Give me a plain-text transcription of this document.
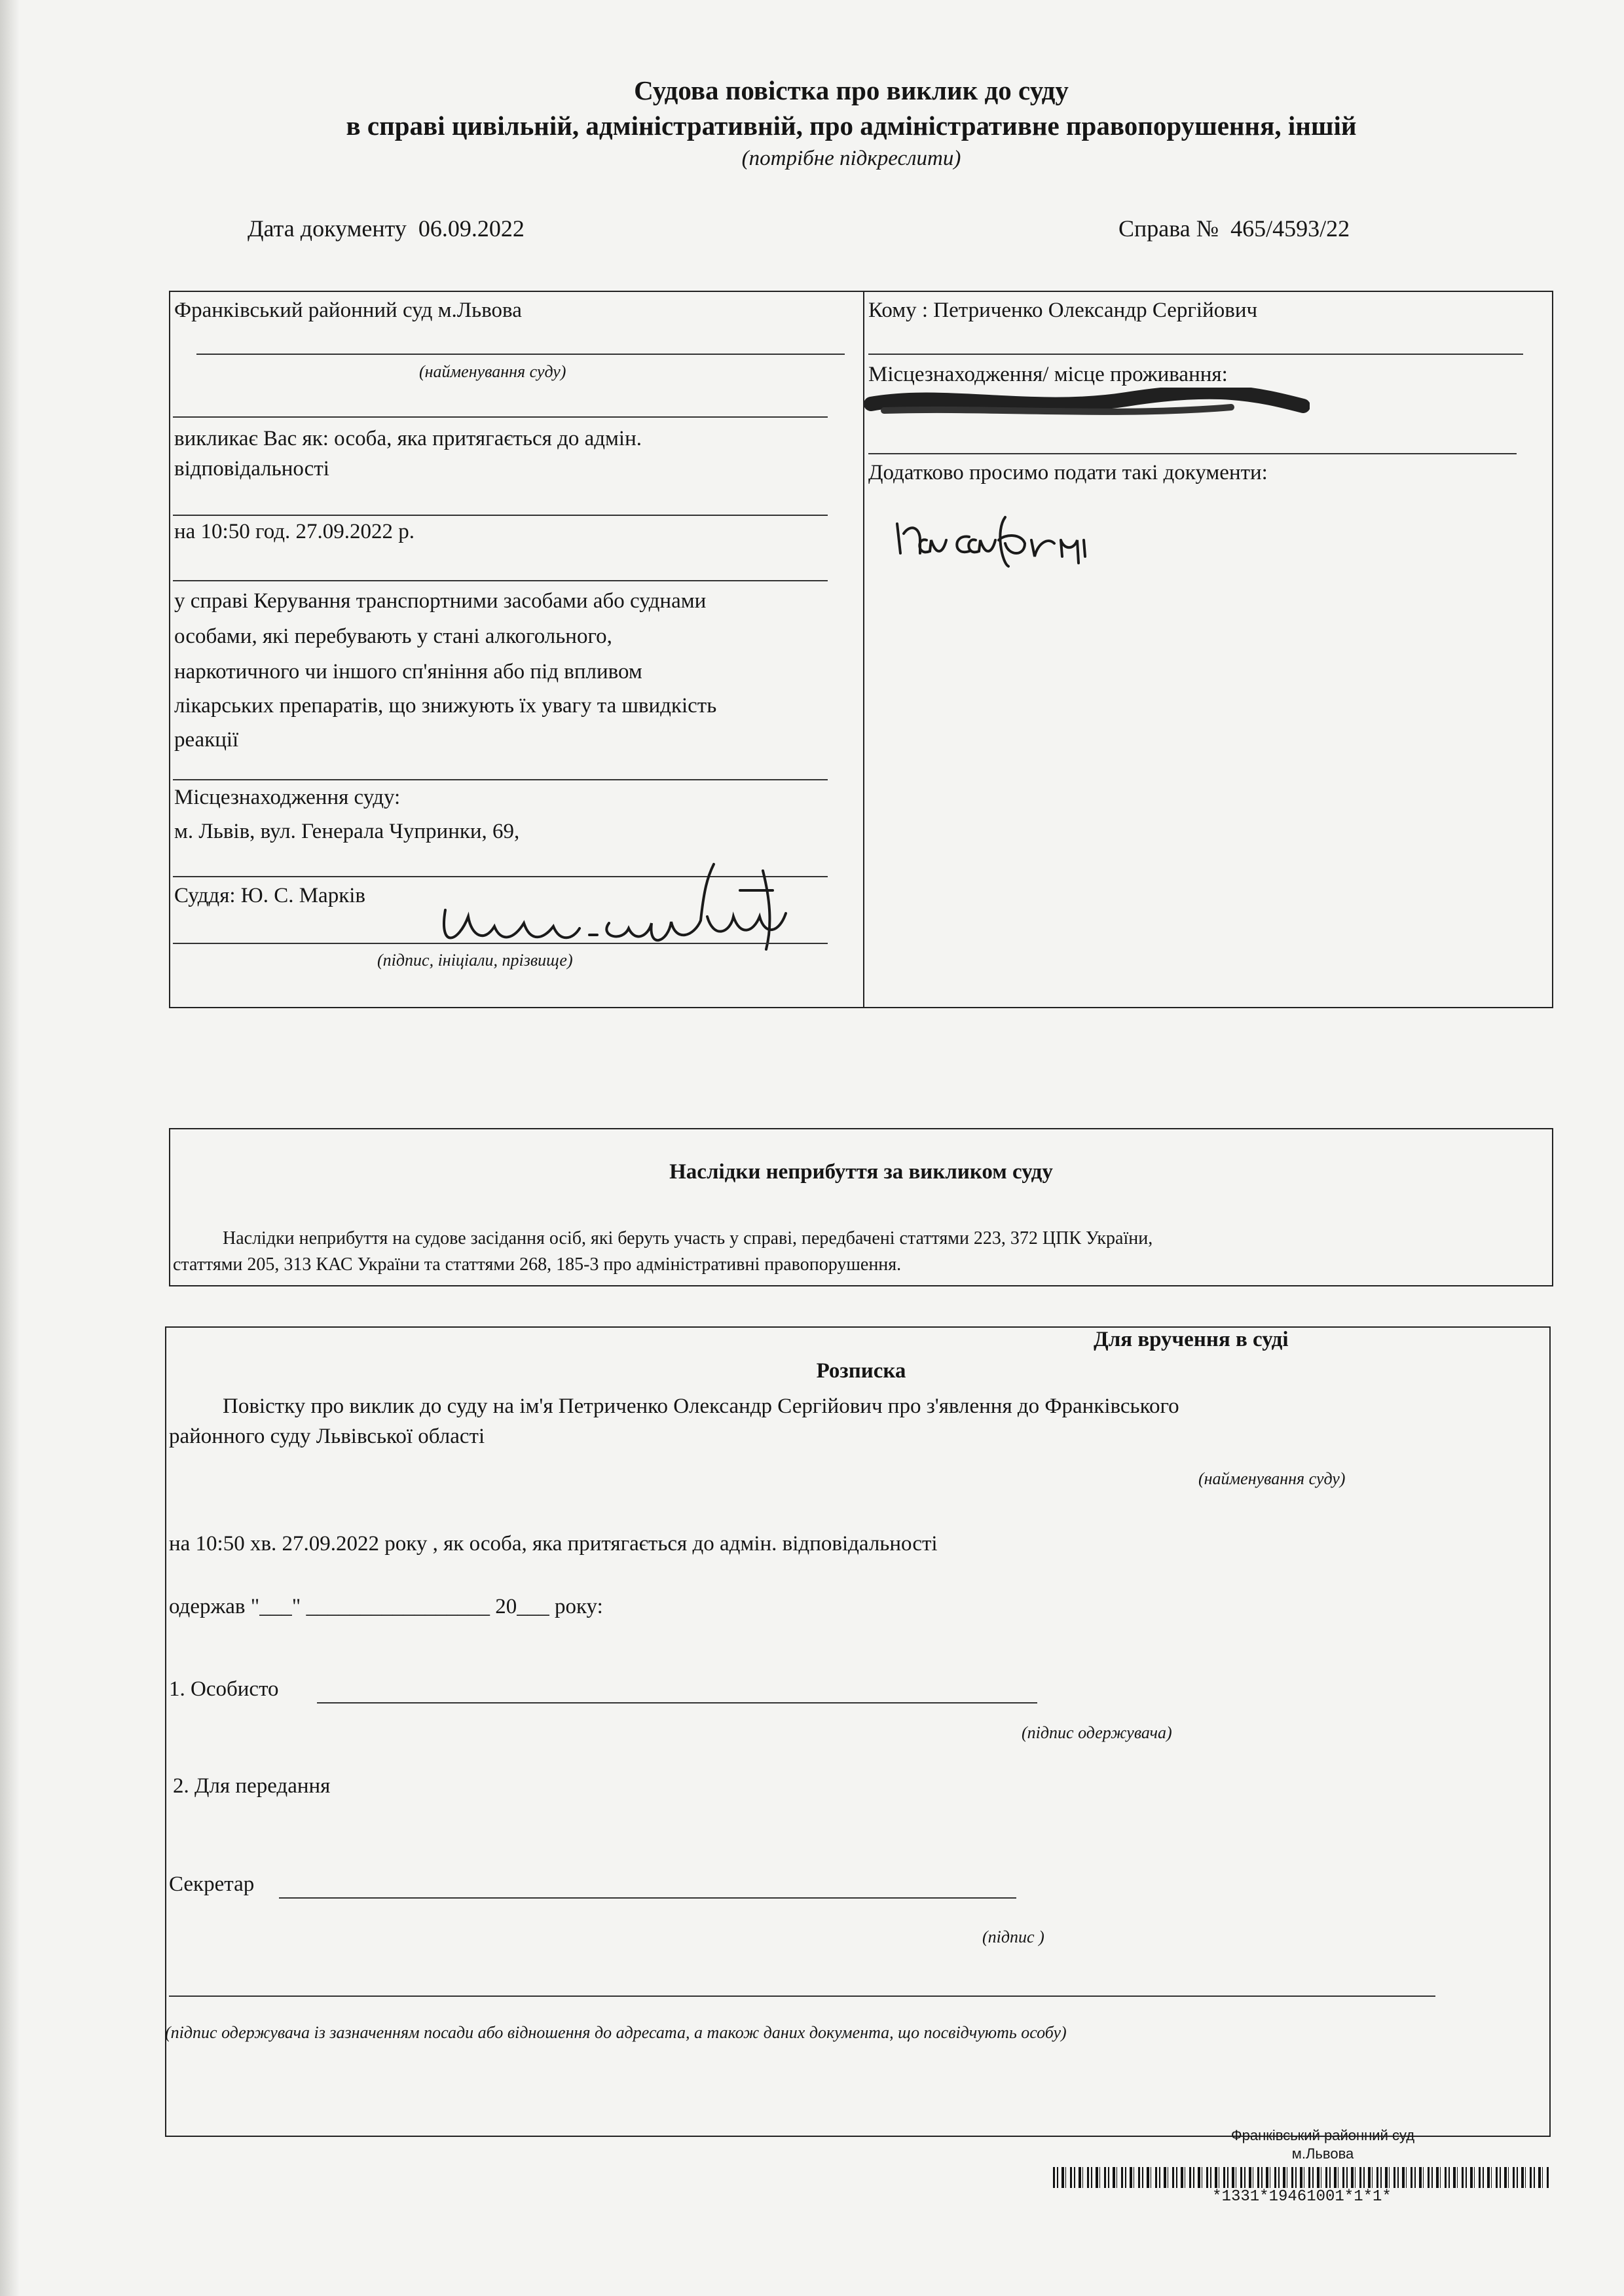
Судова повістка про виклик до суду
в справі цивільній, адміністративній, про адміністративне правопорушення, іншій
(потрібне підкреслити)
Дата документу 06.09.2022	Справа № 465/4593/22
Франківський районний суд м.Львова
(найменування суду)
викликає Вас як: особа, яка притягається до адмін.
відповідальності
на 10:50 год. 27.09.2022 р.
у справі Керування транспортними засобами або суднами
особами, які перебувають у стані алкогольного,
наркотичного чи іншого сп'яніння або під впливом
лікарських препаратів, що знижують їх увагу та швидкість
реакції
Місцезнаходження суду:
м. Львів, вул. Генерала Чупринки, 69,
Суддя: Ю. С. Марків
(підпис, ініціали, прізвище)
Кому : Петриченко Олександр Сергійович
Місцезнаходження/ місце проживання:
Додатково просимо подати такі документи:
Наслідки неприбуття за викликом суду
Наслідки неприбуття на судове засідання осіб, які беруть участь у справі, передбачені статтями 223, 372 ЦПК України,
статтями 205, 313 КАС України та статтями 268, 185-3 про адміністративні правопорушення.
Для вручення в суді
Розписка
Повістку про виклик до суду на ім'я Петриченко Олександр Сергійович про з'явлення до Франківського
районного суду Львівської області
(найменування суду)
на 10:50 хв. 27.09.2022 року , як особа, яка притягається до адмін. відповідальності
одержав "___" _________________ 20___ року:
1. Особисто
(підпис одержувача)
2. Для передання
Секретар
(підпис )
(підпис одержувача із зазначенням посади або відношення до адресата, а також даних документа, що посвідчують особу)
Франківський районний суд
м.Львова
*1331*19461001*1*1*
